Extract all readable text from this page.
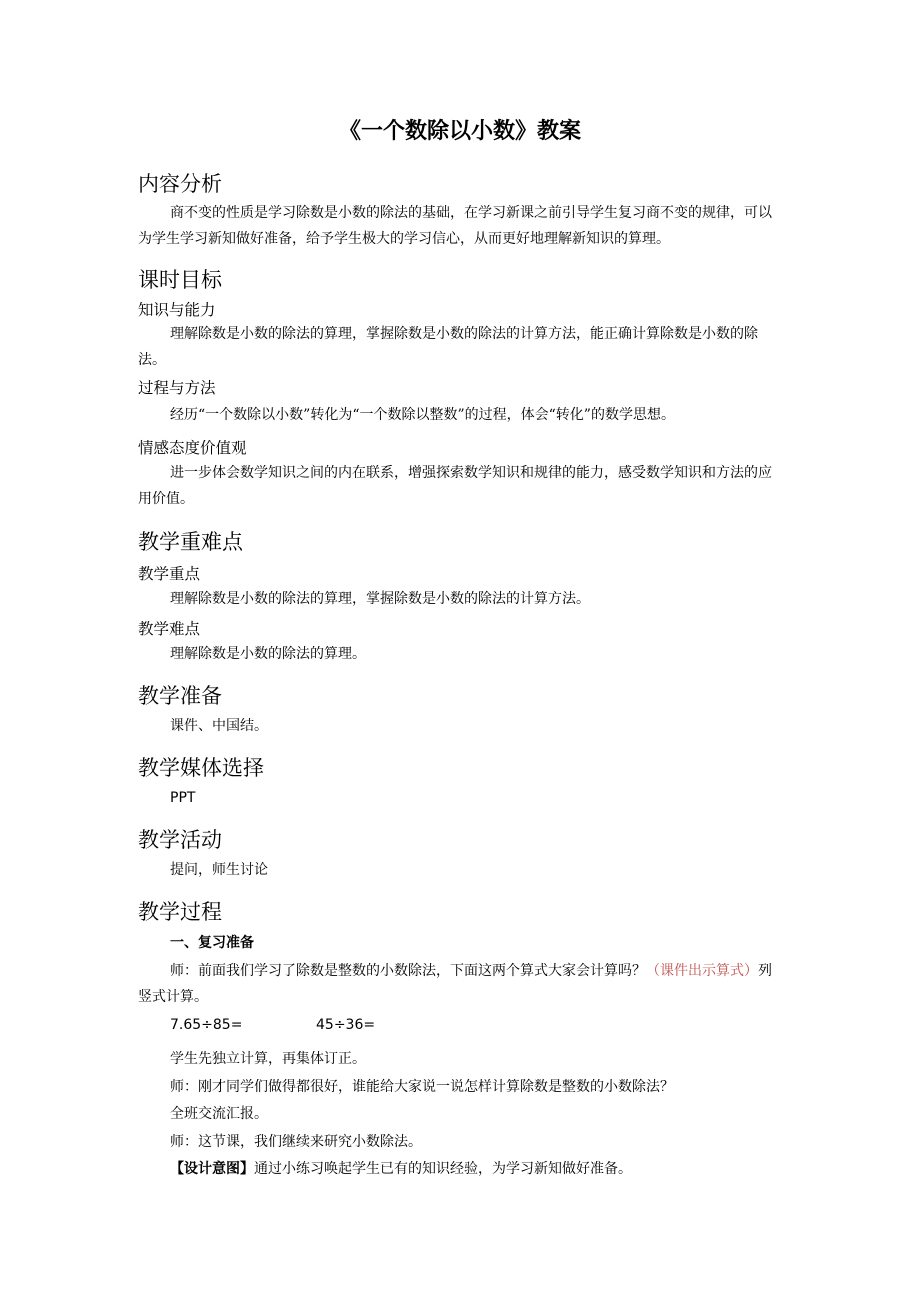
《一个数除以小数》教案
内容分析
商不变的性质是学习除数是小数的除法的基础，在学习新课之前引导学生复习商不变的规律，可以为学生学习新知做好准备，给予学生极大的学习信心，从而更好地理解新知识的算理。
课时目标
知识与能力
理解除数是小数的除法的算理，掌握除数是小数的除法的计算方法，能正确计算除数是小数的除法。
过程与方法
经历“一个数除以小数”转化为“一个数除以整数”的过程，体会“转化”的数学思想。
情感态度价值观
进一步体会数学知识之间的内在联系，增强探索数学知识和规律的能力，感受数学知识和方法的应用价值。
教学重难点
教学重点
理解除数是小数的除法的算理，掌握除数是小数的除法的计算方法。
教学难点
理解除数是小数的除法的算理。
教学准备
课件、中国结。
教学媒体选择
PPT
教学活动
提问，师生讨论
教学过程
一、复习准备
师：前面我们学习了除数是整数的小数除法，下面这两个算式大家会计算吗？（课件出示算式）列竖式计算。
7.65÷85=	45÷36=
学生先独立计算，再集体订正。
师：刚才同学们做得都很好，谁能给大家说一说怎样计算除数是整数的小数除法？
全班交流汇报。
师：这节课，我们继续来研究小数除法。
【设计意图】通过小练习唤起学生已有的知识经验，为学习新知做好准备。
